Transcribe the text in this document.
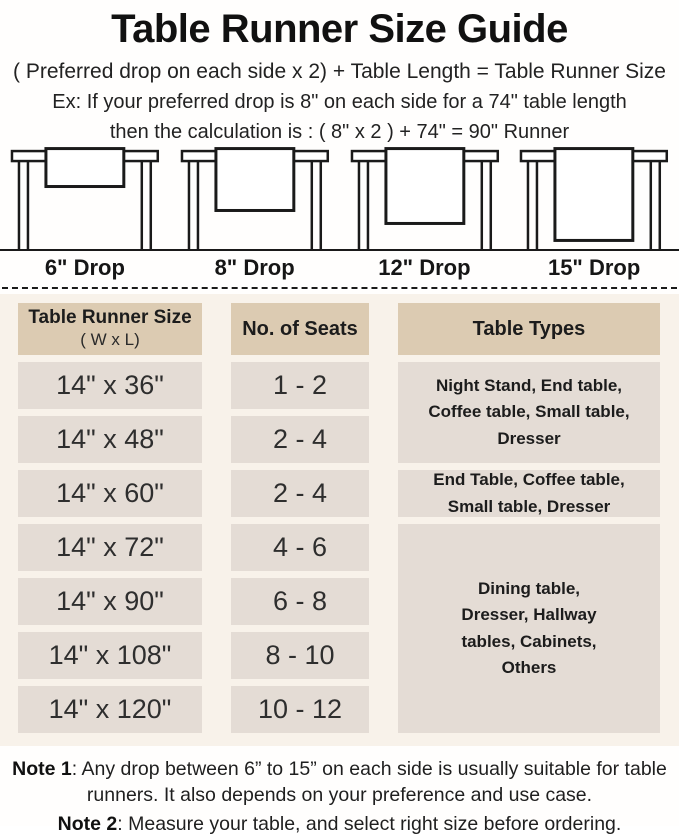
Table Runner Size Guide
( Preferred drop on each side x 2) + Table Length = Table Runner Size
Ex: If your preferred drop is 8" on each side for a 74" table length
then the calculation is : ( 8" x 2 ) + 74" = 90" Runner
6" Drop	8" Drop	12" Drop	15" Drop
Table Runner Size
( W x L)
No. of Seats	Table Types
14" x 36"	1 - 2	Night Stand, End table, Coffee table, Small table, Dresser
14" x 48"	2 - 4
14" x 60"	2 - 4	End Table, Coffee table, Small table, Dresser
14" x 72"	4 - 6
Dining table, Dresser, Hallway tables, Cabinets, Others
14" x 90"	6 - 8
14" x 108"	8 - 10
14" x 120"	10 - 12
Note 1: Any drop between 6” to 15” on each side is usually suitable for table runners. It also depends on your preference and use case.
Note 2: Measure your table, and select right size before ordering.
